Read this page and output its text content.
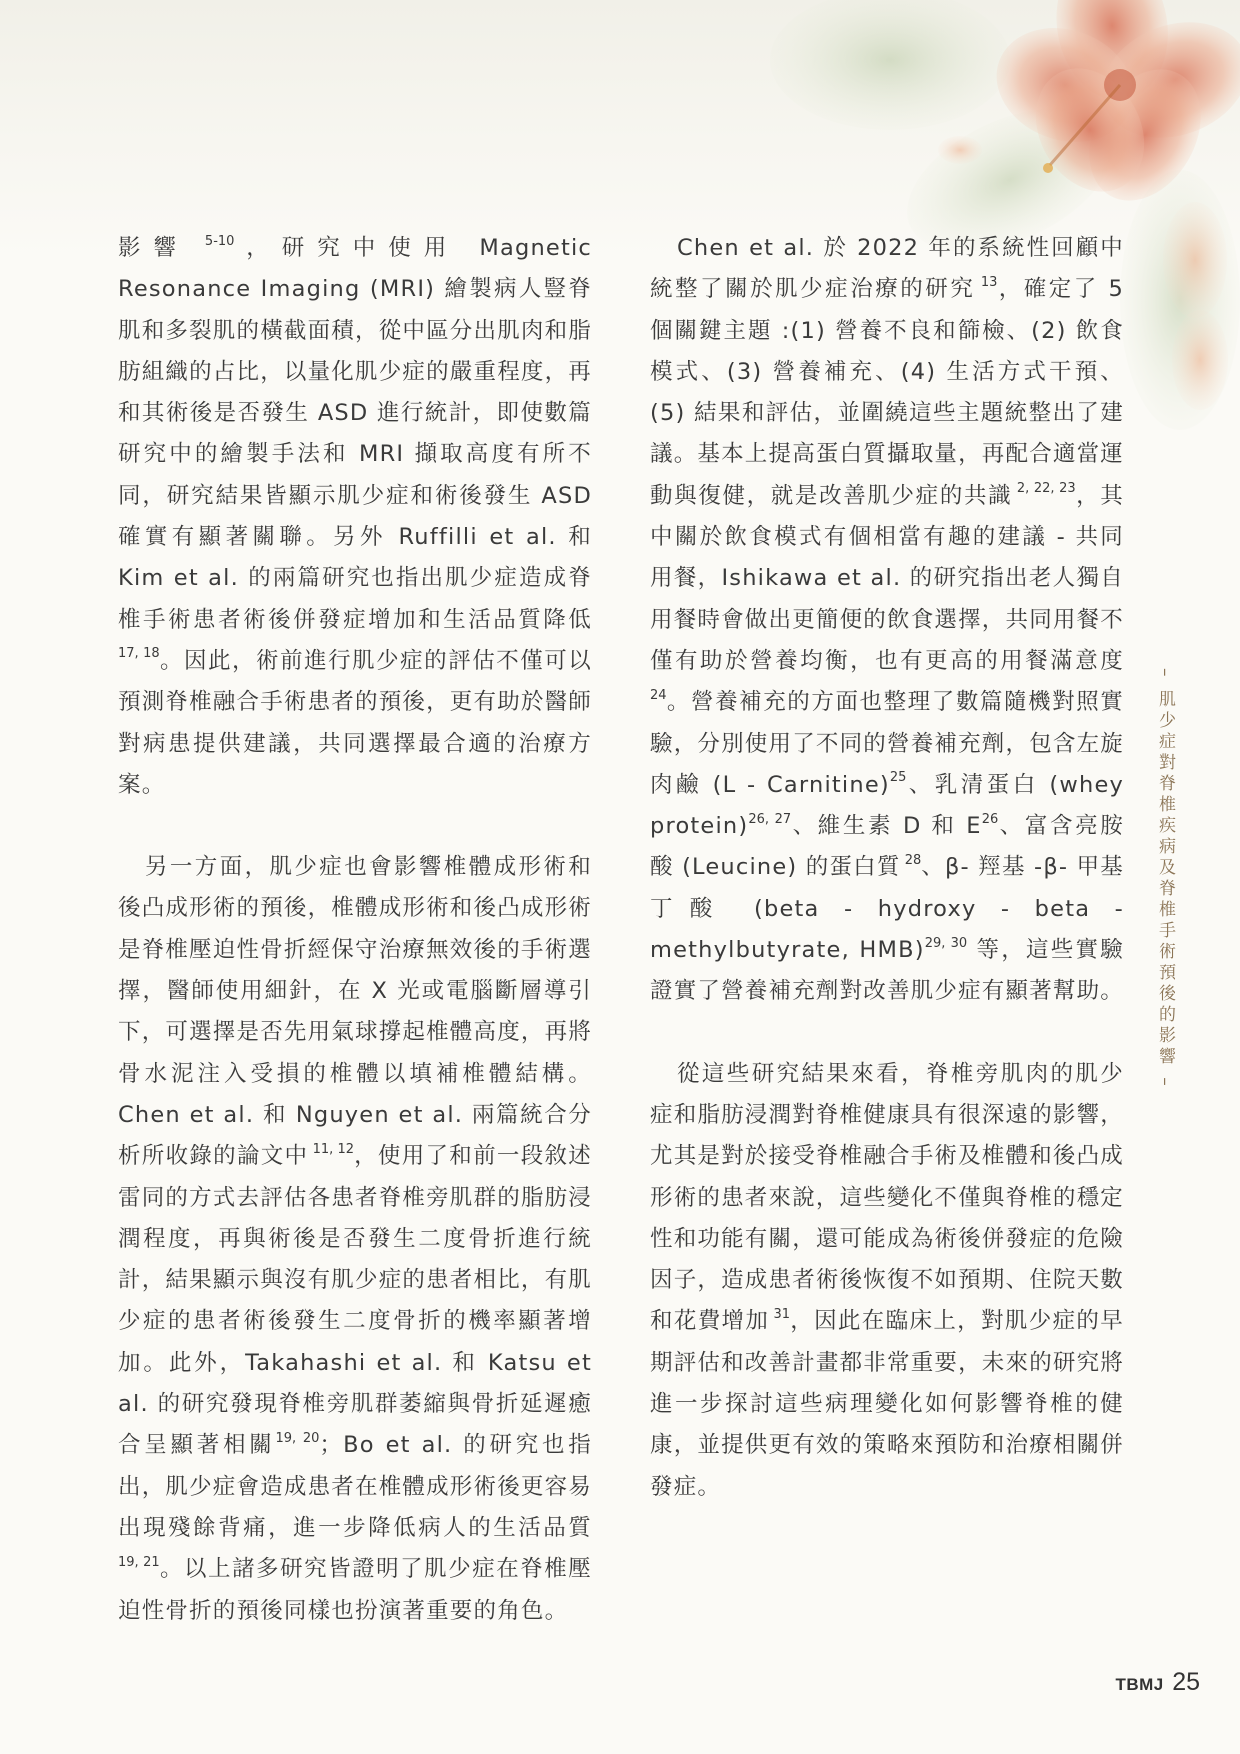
影響 $^{5-10}$，研究中使用 Magnetic Resonance Imaging (MRI) 繪製病人豎脊肌和多裂肌的橫截面積，從中區分出肌肉和脂肪組織的占比，以量化肌少症的嚴重程度，再和其術後是否發生 ASD 進行統計，即使數篇研究中的繪製手法和 MRI 擷取高度有所不同，研究結果皆顯示肌少症和術後發生 ASD 確實有顯著關聯。另外 Ruffilli et al. 和 Kim et al. 的兩篇研究也指出肌少症造成脊椎手術患者術後併發症增加和生活品質降低 $^{17, 18}$。因此，術前進行肌少症的評估不僅可以預測脊椎融合手術患者的預後，更有助於醫師對病患提供建議，共同選擇最合適的治療方案。

另一方面，肌少症也會影響椎體成形術和後凸成形術的預後，椎體成形術和後凸成形術是脊椎壓迫性骨折經保守治療無效後的手術選擇，醫師使用細針，在 X 光或電腦斷層導引下，可選擇是否先用氣球撐起椎體高度，再將骨水泥注入受損的椎體以填補椎體結構。Chen et al. 和 Nguyen et al. 兩篇統合分析所收錄的論文中 $^{11, 12}$，使用了和前一段敘述雷同的方式去評估各患者脊椎旁肌群的脂肪浸潤程度，再與術後是否發生二度骨折進行統計，結果顯示與沒有肌少症的患者相比，有肌少症的患者術後發生二度骨折的機率顯著增加。此外，Takahashi et al. 和 Katsu et al. 的研究發現脊椎旁肌群萎縮與骨折延遲癒合呈顯著相關$^{19, 20}$；Bo et al. 的研究也指出，肌少症會造成患者在椎體成形術後更容易出現殘餘背痛，進一步降低病人的生活品質 $^{19, 21}$。以上諸多研究皆證明了肌少症在脊椎壓迫性骨折的預後同樣也扮演著重要的角色。

Chen et al. 於 2022 年的系統性回顧中統整了關於肌少症治療的研究 $^{13}$，確定了 5 個關鍵主題 :(1) 營養不良和篩檢、(2) 飲食模式、(3) 營養補充、(4) 生活方式干預、(5) 結果和評估，並圍繞這些主題統整出了建議。基本上提高蛋白質攝取量，再配合適當運動與復健，就是改善肌少症的共識 $^{2, 22, 23}$，其中關於飲食模式有個相當有趣的建議 - 共同用餐，Ishikawa et al. 的研究指出老人獨自用餐時會做出更簡便的飲食選擇，共同用餐不僅有助於營養均衡，也有更高的用餐滿意度 $^{24}$。營養補充的方面也整理了數篇隨機對照實驗，分別使用了不同的營養補充劑，包含左旋肉鹼 (L - Carnitine)$^{25}$、乳清蛋白 (whey protein)$^{26, 27}$、維生素 D 和 $E^{26}$、富含亮胺酸 (Leucine) 的蛋白質 $^{28}$、β- 羥基 -β- 甲基丁酸 (beta - hydroxy - beta - methylbutyrate, HMB)$^{29, 30}$ 等，這些實驗證實了營養補充劑對改善肌少症有顯著幫助。

從這些研究結果來看，脊椎旁肌肉的肌少症和脂肪浸潤對脊椎健康具有很深遠的影響，尤其是對於接受脊椎融合手術及椎體和後凸成形術的患者來說，這些變化不僅與脊椎的穩定性和功能有關，還可能成為術後併發症的危險因子，造成患者術後恢復不如預期、住院天數和花費增加 $^{31}$，因此在臨床上，對肌少症的早期評估和改善計畫都非常重要，未來的研究將進一步探討這些病理變化如何影響脊椎的健康，並提供更有效的策略來預防和治療相關併發症。

– 肌少症對脊椎疾病及脊椎手術預後的影響 –
TBMJ 25
